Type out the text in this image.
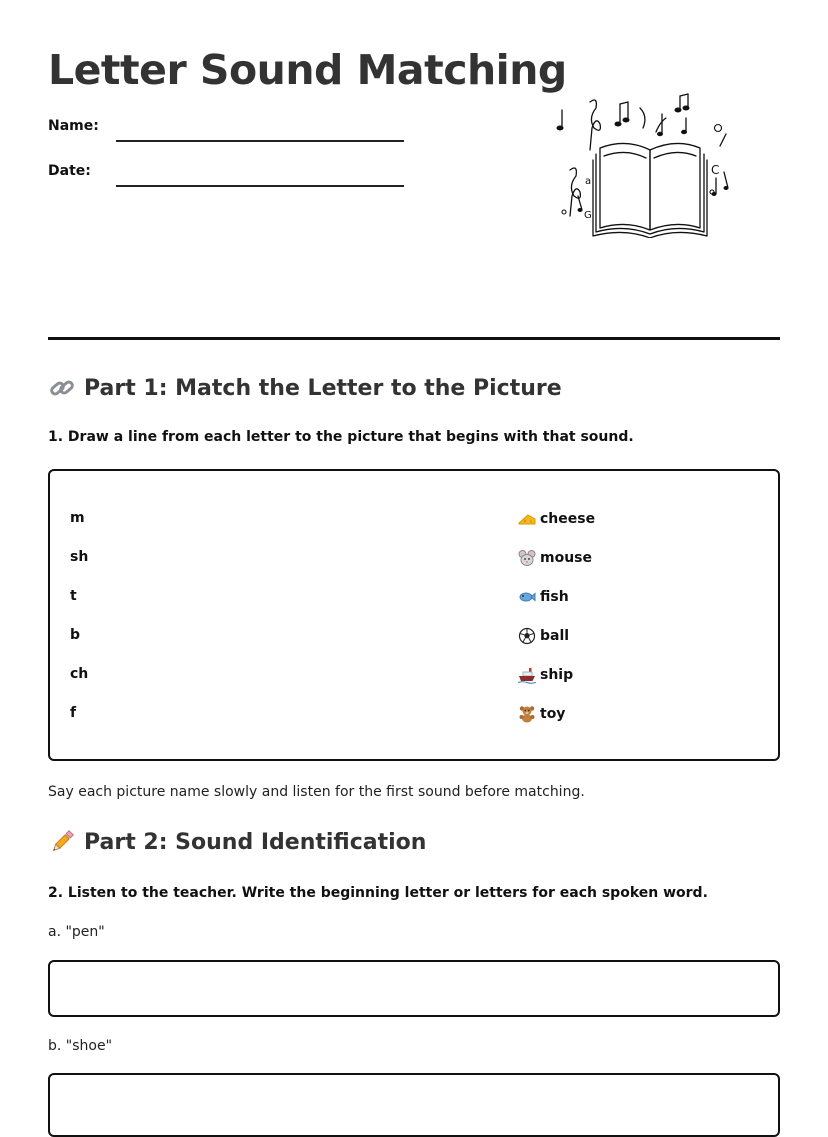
Letter Sound Matching
Name:
Date:
a
C
G
Part 1: Match the Letter to the Picture
1. Draw a line from each letter to the picture that begins with that sound.
m	cheese
sh	mouse
t	fish
b	ball
ch	ship
f	toy
Say each picture name slowly and listen for the first sound before matching.
Part 2: Sound Identification
2. Listen to the teacher. Write the beginning letter or letters for each spoken word.
a. "pen"
b. "shoe"
